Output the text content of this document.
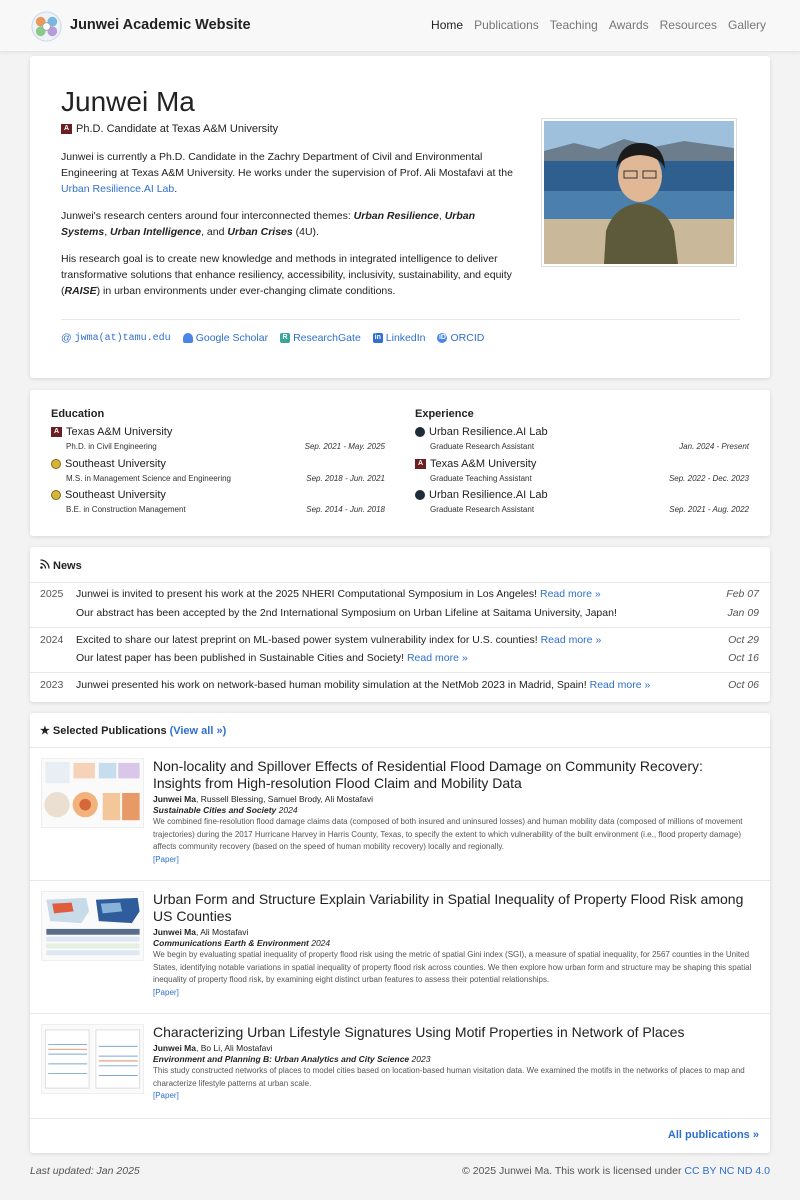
Junwei Academic Website	Home Publications Teaching Awards Resources Gallery
Junwei Ma
A Ph.D. Candidate at Texas A&M University

Junwei is currently a Ph.D. Candidate in the Zachry Department of Civil and Environmental Engineering at Texas A&M University. He works under the supervision of Prof. Ali Mostafavi at the Urban Resilience.AI Lab.

Junwei's research centers around four interconnected themes: Urban Resilience, Urban Systems, Urban Intelligence, and Urban Crises (4U).

His research goal is to create new knowledge and methods in integrated intelligence to deliver transformative solutions that enhance resiliency, accessibility, inclusivity, sustainability, and equity (RAISE) in urban environments under ever-changing climate conditions.

@ jwma(at)tamu.edu Google Scholar	R ResearchGate in LinkedIn iD ORCID
Education
A Texas A&M University
Ph.D. in Civil Engineering	Sep. 2021 - May. 2025
Southeast University
M.S. in Management Science and Engineering	Sep. 2018 - Jun. 2021
Southeast University
B.E. in Construction Management	Sep. 2014 - Jun. 2018
Experience
Urban Resilience.AI Lab
Graduate Research Assistant	Jan. 2024 - Present
A Texas A&M University
Graduate Teaching Assistant	Sep. 2022 - Dec. 2023
Urban Resilience.AI Lab
Graduate Research Assistant	Sep. 2021 - Aug. 2022
News
2025 Junwei is invited to present his work at the 2025 NHERI Computational Symposium in Los Angeles! Read more »	Feb 07
Our abstract has been accepted by the 2nd International Symposium on Urban Lifeline at Saitama University, Japan!	Jan 09
2024 Excited to share our latest preprint on ML-based power system vulnerability index for U.S. counties! Read more »	Oct 29
Our latest paper has been published in Sustainable Cities and Society! Read more »	Oct 16
2023 Junwei presented his work on network-based human mobility simulation at the NetMob 2023 in Madrid, Spain! Read more »	Oct 06
★ Selected Publications (View all »)
Non-locality and Spillover Effects of Residential Flood Damage on Community Recovery: Insights from High-resolution Flood Claim and Mobility Data
Junwei Ma, Russell Blessing, Samuel Brody, Ali Mostafavi
Sustainable Cities and Society 2024
We combined fine-resolution flood damage claims data (composed of both insured and uninsured losses) and human mobility data (composed of millions of movement trajectories) during the 2017 Hurricane Harvey in Harris County, Texas, to specify the extent to which vulnerability of the built environment (i.e., flood property damage) affects community recovery (based on the speed of human mobility recovery) locally and regionally.
[Paper]
Urban Form and Structure Explain Variability in Spatial Inequality of Property Flood Risk among US Counties
Junwei Ma, Ali Mostafavi
Communications Earth & Environment 2024
We begin by evaluating spatial inequality of property flood risk using the metric of spatial Gini index (SGI), a measure of spatial inequality, for 2567 counties in the United States, identifying notable variations in spatial inequality of property flood risk across counties. We then explore how urban form and structure may be shaping this spatial inequality of property flood risk, by examining eight distinct urban features to assess their potential relationships.
[Paper]
Characterizing Urban Lifestyle Signatures Using Motif Properties in Network of Places
Junwei Ma, Bo Li, Ali Mostafavi
Environment and Planning B: Urban Analytics and City Science 2023
This study constructed networks of places to model cities based on location-based human visitation data. We examined the motifs in the networks of places to map and characterize lifestyle patterns at urban scale.
[Paper]
All publications »
Last updated: Jan 2025	© 2025 Junwei Ma. This work is licensed under CC BY NC ND 4.0
